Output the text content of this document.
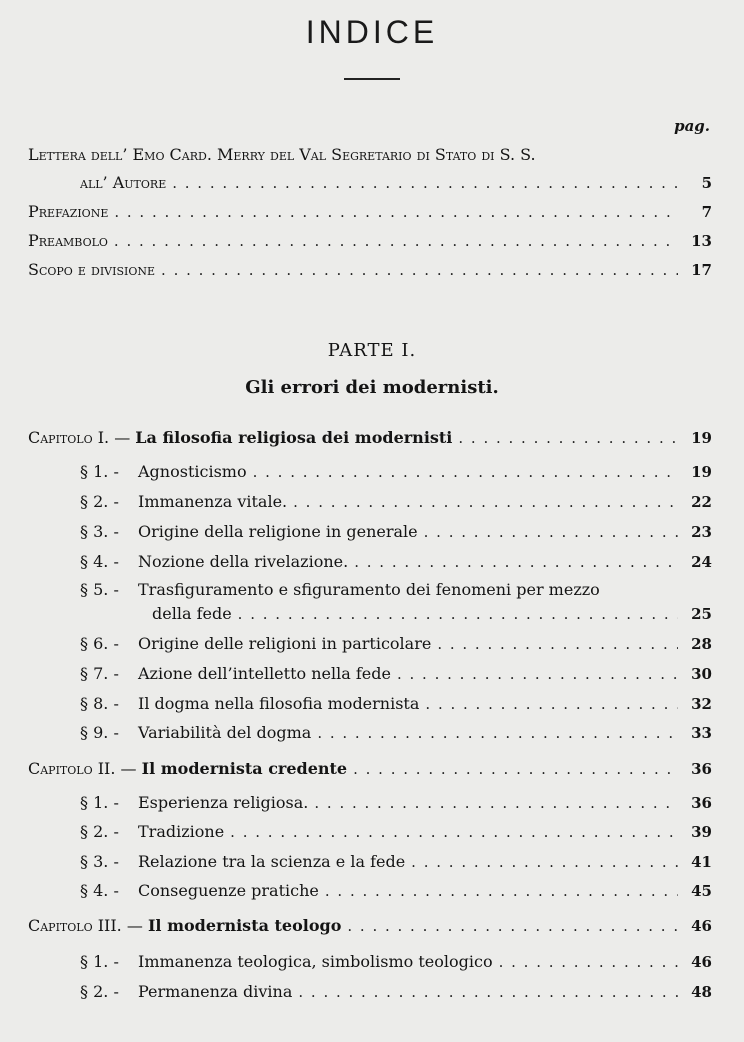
INDICE
pag.
Lettera dell’ Emo Card. Merry del Val Segretario di Stato di S. S.
all’ Autore . . .	5
Prefazione . . .	7
Preambolo . . .	13
Scopo e divisione . . .	17
PARTE I.
Gli errori dei modernisti.
Capitolo I. — La filosofia religiosa dei modernisti . . .	19
§ 1. - Agnosticismo . . .	19
§ 2. - Immanenza vitale. . . .	22
§ 3. - Origine della religione in generale . . .	23
§ 4. - Nozione della rivelazione. . . .	24
§ 5. - Trasfiguramento e sfiguramento dei fenomeni per mezzo
della fede . . .	25
§ 6. - Origine delle religioni in particolare . . .	28
§ 7. - Azione dell’intelletto nella fede . . .	30
§ 8. - Il dogma nella filosofia modernista . . .	32
§ 9. - Variabilità del dogma . . .	33
Capitolo II. — Il modernista credente . . .	36
§ 1. - Esperienza religiosa. . . .	36
§ 2. - Tradizione . . .	39
§ 3. - Relazione tra la scienza e la fede . . .	41
§ 4. - Conseguenze pratiche . . .	45
Capitolo III. — Il modernista teologo . . .	46
§ 1. - Immanenza teologica, simbolismo teologico . . .	46
§ 2. - Permanenza divina . . .	48
